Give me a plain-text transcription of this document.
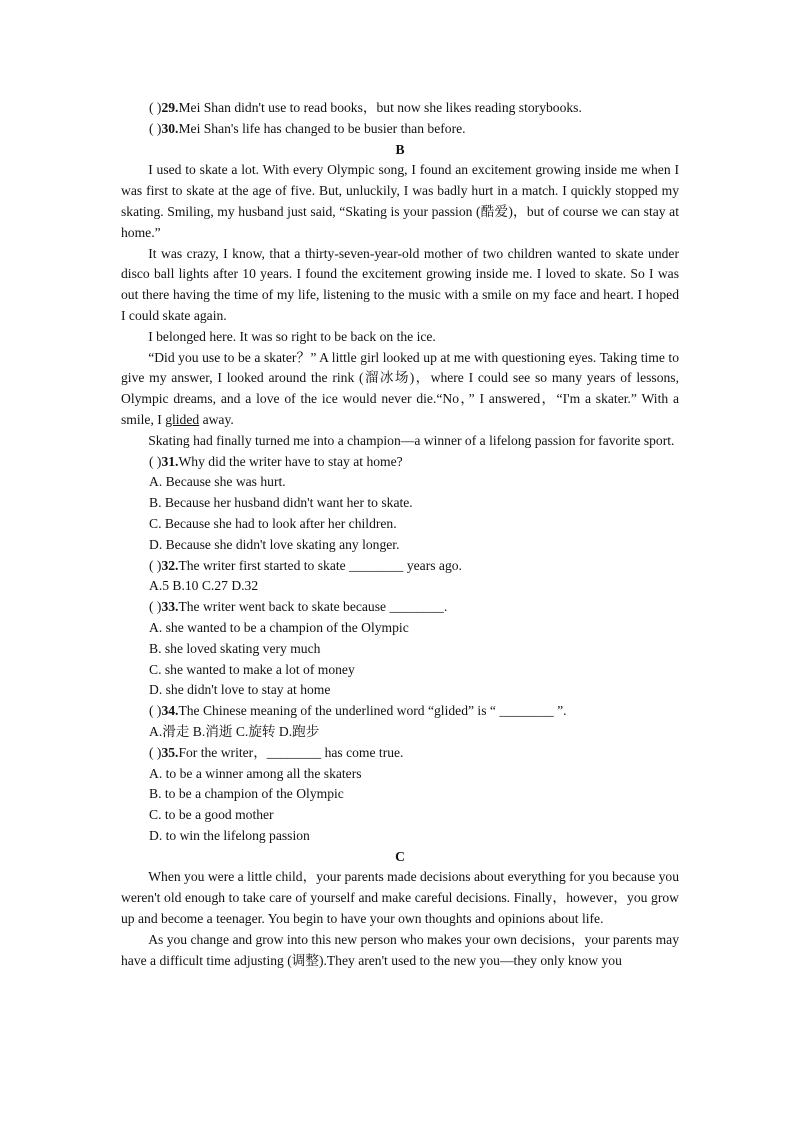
( )29.Mei Shan didn't use to read books，but now she likes reading storybooks.
( )30.Mei Shan's life has changed to be busier than before.
B
I used to skate a lot. With every Olympic song, I found an excitement growing inside me when I was first to skate at the age of five. But, unluckily, I was badly hurt in a match. I quickly stopped my skating. Smiling, my husband just said, “Skating is your passion (酷爱)，but of course we can stay at home.”
It was crazy, I know, that a thirty-seven-year-old mother of two children wanted to skate under disco ball lights after 10 years. I found the excitement growing inside me. I loved to skate. So I was out there having the time of my life, listening to the music with a smile on my face and heart. I hoped I could skate again.
I belonged here. It was so right to be back on the ice.
“Did you use to be a skater？” A little girl looked up at me with questioning eyes. Taking time to give my answer, I looked around the rink (溜冰场)，where I could see so many years of lessons, Olympic dreams, and a love of the ice would never die.“No，” I answered，“I'm a skater.” With a smile, I glided away.
Skating had finally turned me into a champion—a winner of a lifelong passion for favorite sport.
( )31.Why did the writer have to stay at home?
A. Because she was hurt.
B. Because her husband didn't want her to skate.
C. Because she had to look after her children.
D. Because she didn't love skating any longer.
( )32.The writer first started to skate ________ years ago.
A.5 B.10 C.27 D.32
( )33.The writer went back to skate because ________.
A. she wanted to be a champion of the Olympic
B. she loved skating very much
C. she wanted to make a lot of money
D. she didn't love to stay at home
( )34.The Chinese meaning of the underlined word “glided” is “ ________ ”.
A.滑走 B.消逝 C.旋转 D.跑步
( )35.For the writer，________ has come true.
A. to be a winner among all the skaters
B. to be a champion of the Olympic
C. to be a good mother
D. to win the lifelong passion
C
When you were a little child，your parents made decisions about everything for you because you weren't old enough to take care of yourself and make careful decisions. Finally，however，you grow up and become a teenager. You begin to have your own thoughts and opinions about life.
As you change and grow into this new person who makes your own decisions，your parents may have a difficult time adjusting (调整).They aren't used to the new you—they only know you
